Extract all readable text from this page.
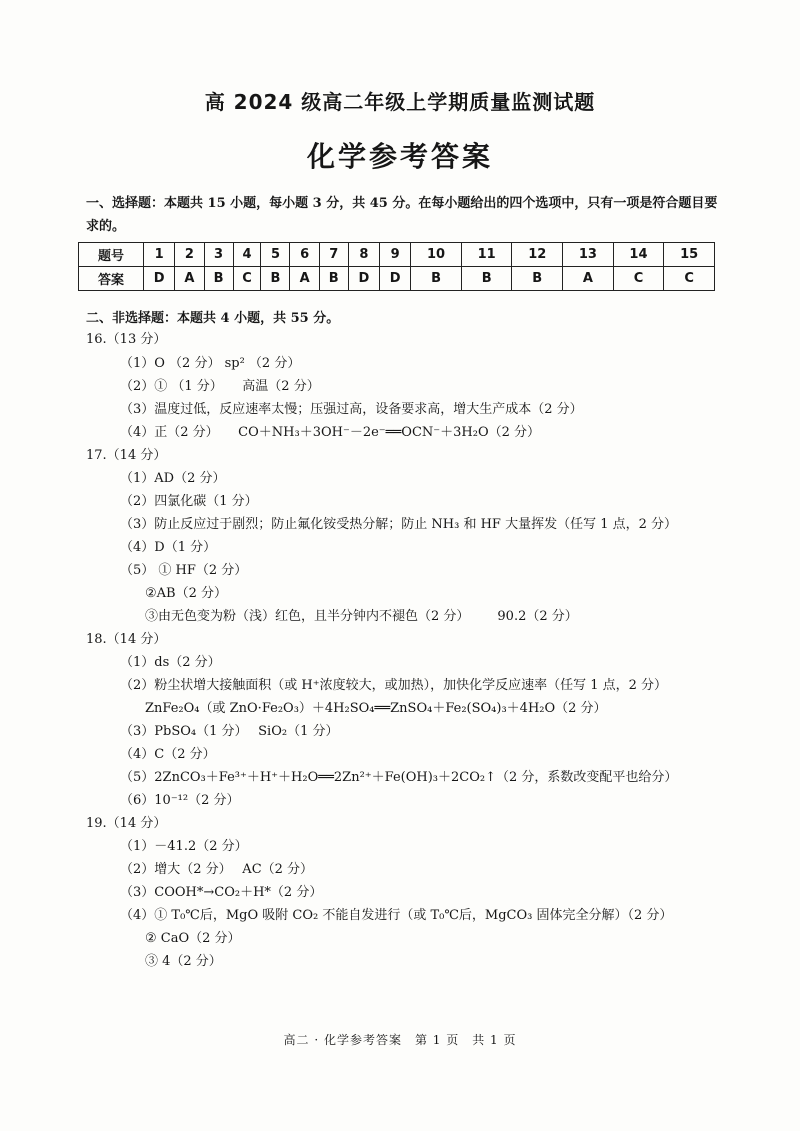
高 2024 级高二年级上学期质量监测试题
化学参考答案
一、选择题：本题共 15 小题，每小题 3 分，共 45 分。在每小题给出的四个选项中，只有一项是符合题目要求的。
题号	1	2	3	4	5	6	7	8	9	10	11	12	13	14	15
答案	D	A	B	C	B	A	B	D	D	B	B	B	A	C	C
二、非选择题：本题共 4 小题，共 55 分。
16.（13 分）
（1）O （2 分） sp² （2 分）
（2）① （1 分）　　高温（2 分）
（3）温度过低，反应速率太慢；压强过高，设备要求高，增大生产成本（2 分）
（4）正（2 分）　　CO＋NH₃＋3OH⁻－2e⁻══OCN⁻＋3H₂O（2 分）
17.（14 分）
（1）AD（2 分）
（2）四氯化碳（1 分）
（3）防止反应过于剧烈；防止氟化铵受热分解；防止 NH₃ 和 HF 大量挥发（任写 1 点，2 分）
（4）D（1 分）
（5） ① HF（2 分）
②AB（2 分）
③由无色变为粉（浅）红色，且半分钟内不褪色（2 分） 90.2（2 分）
18.（14 分）
（1）ds（2 分）
（2）粉尘状增大接触面积（或 H⁺浓度较大，或加热），加快化学反应速率（任写 1 点，2 分）
ZnFe₂O₄（或 ZnO·Fe₂O₃）＋4H₂SO₄══ZnSO₄＋Fe₂(SO₄)₃＋4H₂O（2 分）
（3）PbSO₄（1 分）　 SiO₂（1 分）
（4）C（2 分）
（5）2ZnCO₃＋Fe³⁺＋H⁺＋H₂O══2Zn²⁺＋Fe(OH)₃＋2CO₂↑（2 分，系数改变配平也给分）
（6）10⁻¹²（2 分）
19.（14 分）
（1）－41.2（2 分）
（2）增大（2 分）　 AC（2 分）
（3）COOH*→CO₂＋H*（2 分）
（4）① T₀℃后，MgO 吸附 CO₂ 不能自发进行（或 T₀℃后，MgCO₃ 固体完全分解）（2 分）
② CaO（2 分）
③ 4（2 分）
高二 · 化学参考答案　第 1 页　共 1 页
